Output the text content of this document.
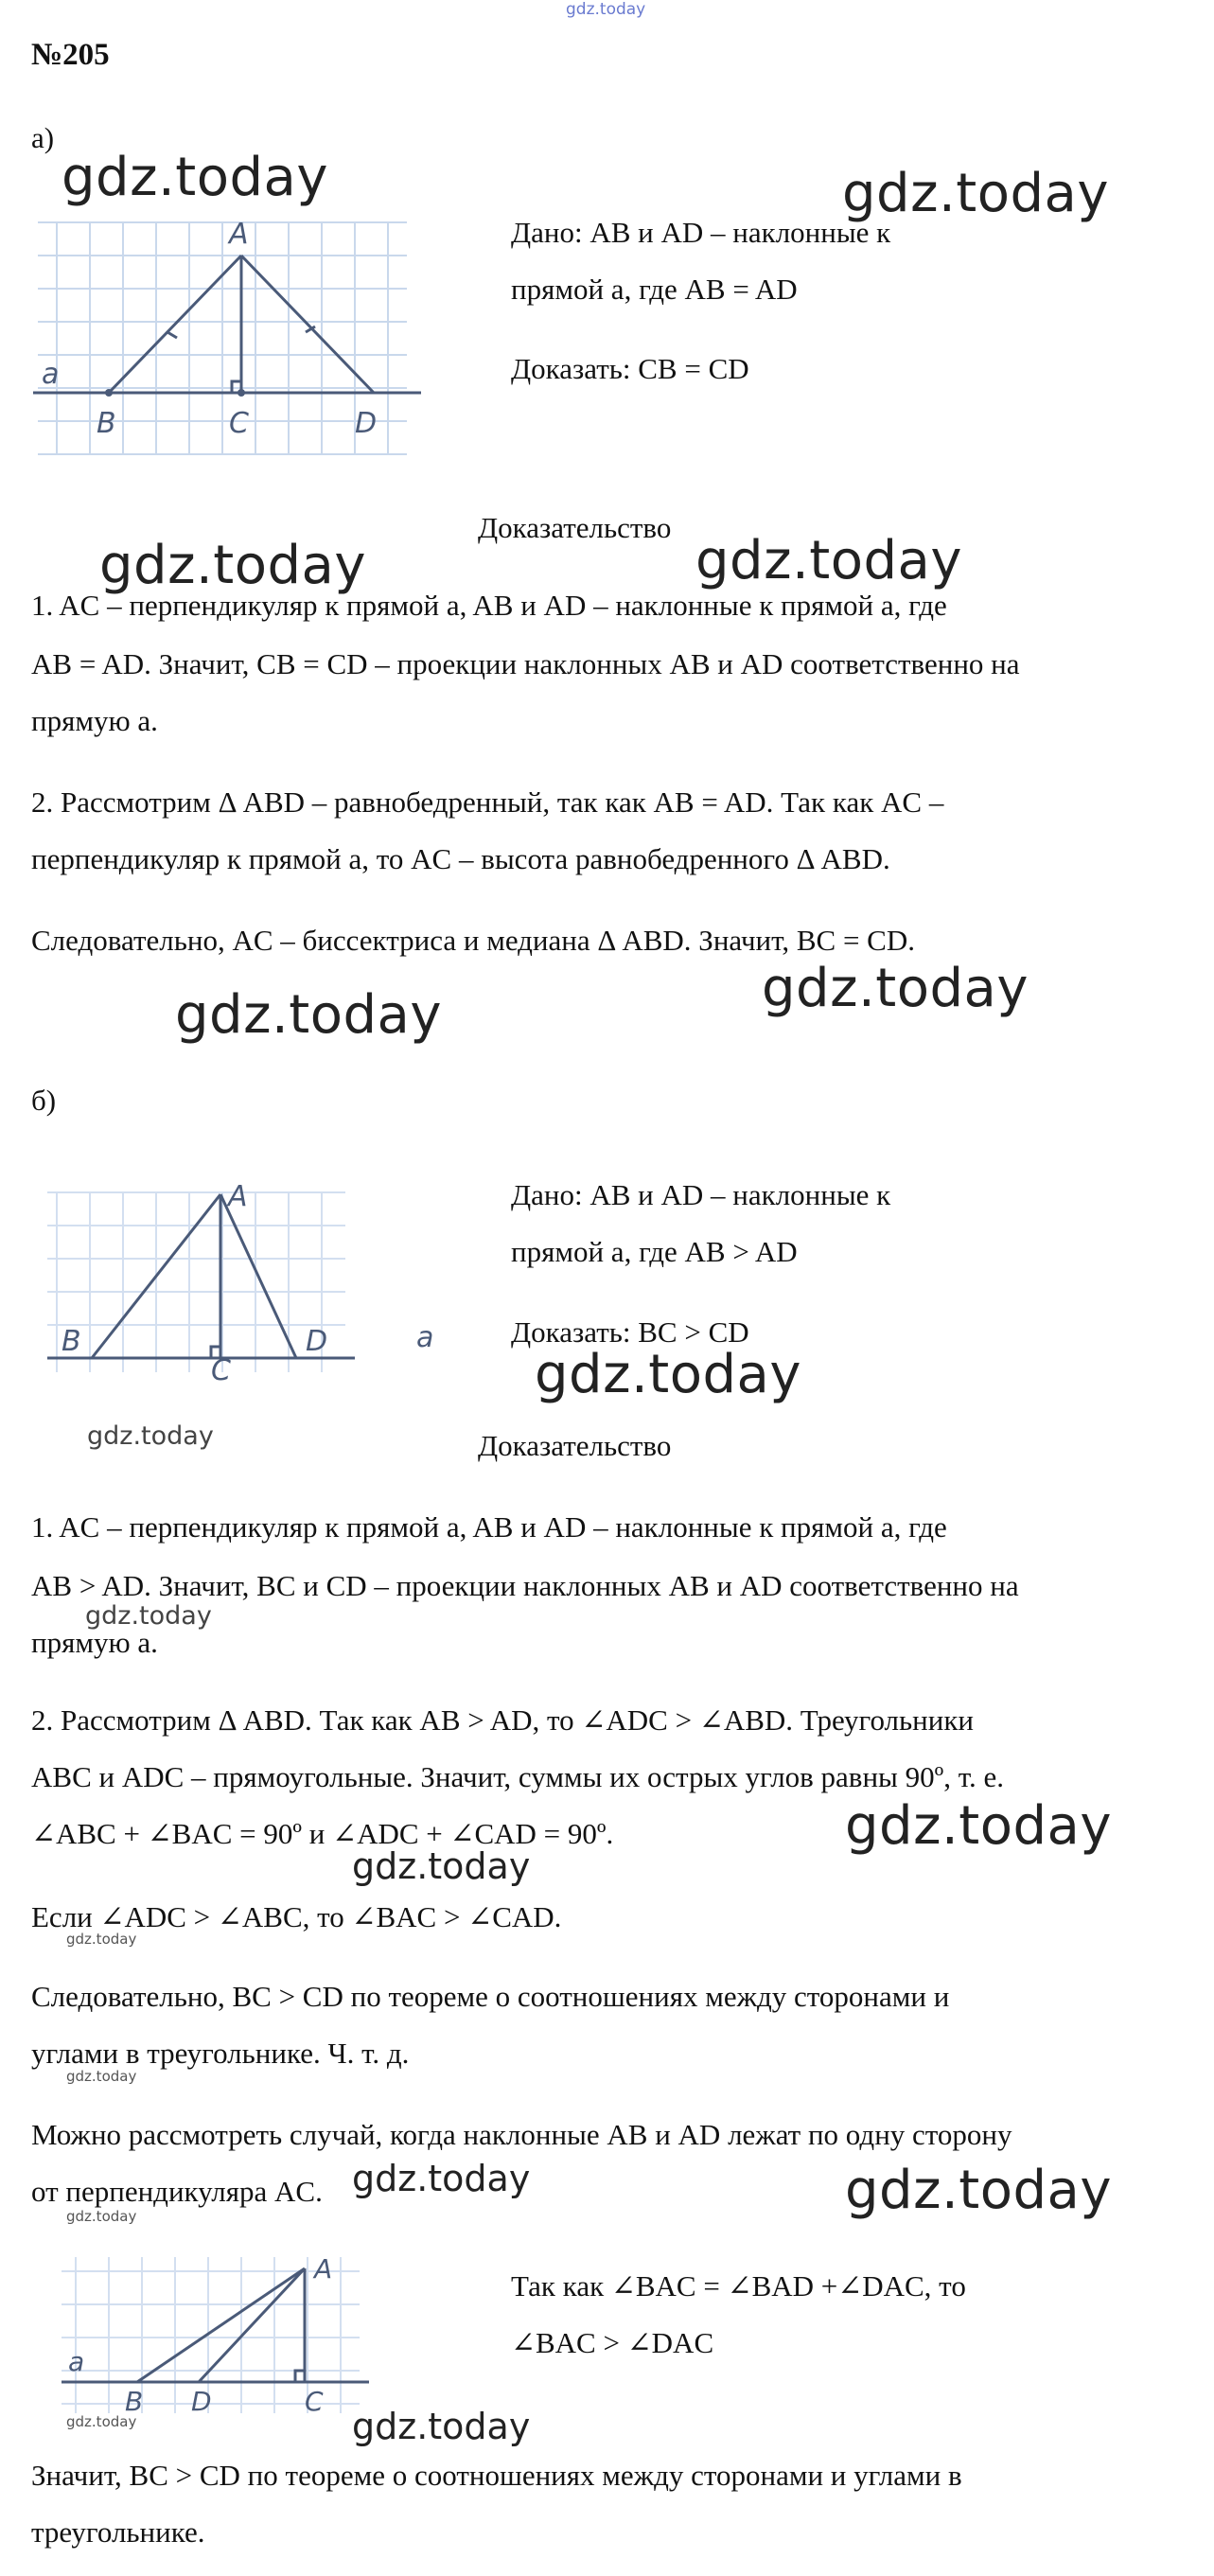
gdz.today
№205
а)
A
B	C	D
a
Дано: AB и AD – наклонные к
прямой a, где AB = AD
Доказать: CB = CD
Доказательство
1. AC – перпендикуляр к прямой a, AB и AD – наклонные к прямой a, где
AB = AD. Значит, CB = CD – проекции наклонных AB и AD соответственно на
прямую a.
2. Рассмотрим Δ ABD – равнобедренный, так как AB = AD. Так как AC –
перпендикуляр к прямой a, то AC – высота равнобедренного Δ ABD.
Следовательно, AC – биссектриса и медиана Δ ABD. Значит, BC = CD.
б)
A
B
C
D	a
Дано: AB и AD – наклонные к
прямой a, где AB > AD
Доказать: BC > CD
Доказательство
1. AC – перпендикуляр к прямой a, AB и AD – наклонные к прямой a, где
AB > AD. Значит, BC и CD – проекции наклонных AB и AD соответственно на
прямую a.
2. Рассмотрим Δ ABD. Так как AB > AD, то ∠ADC > ∠ABD. Треугольники
ABC и ADC – прямоугольные. Значит, суммы их острых углов равны 90º, т. е.
∠ABC + ∠BAC = 90º и ∠ADC + ∠CAD = 90º.
Если ∠ADC > ∠ABC, то ∠BAC > ∠CAD.
Следовательно, BC > CD по теореме о соотношениях между сторонами и
углами в треугольнике. Ч. т. д.
Можно рассмотреть случай, когда наклонные AB и AD лежат по одну сторону
от перпендикуляра AC.
A
B D	C
a
Так как ∠BAC = ∠BAD +∠DAC, то
∠BAC > ∠DAC
Значит, BC > CD по теореме о соотношениях между сторонами и углами в
треугольнике.
gdz.today	gdz.today
gdz.today	gdz.today
gdz.today	gdz.today
gdz.today
gdz.today
gdz.today
gdz.today
gdz.today
gdz.today
gdz.today
gdz.today	gdz.today
gdz.today
gdz.today
gdz.today
